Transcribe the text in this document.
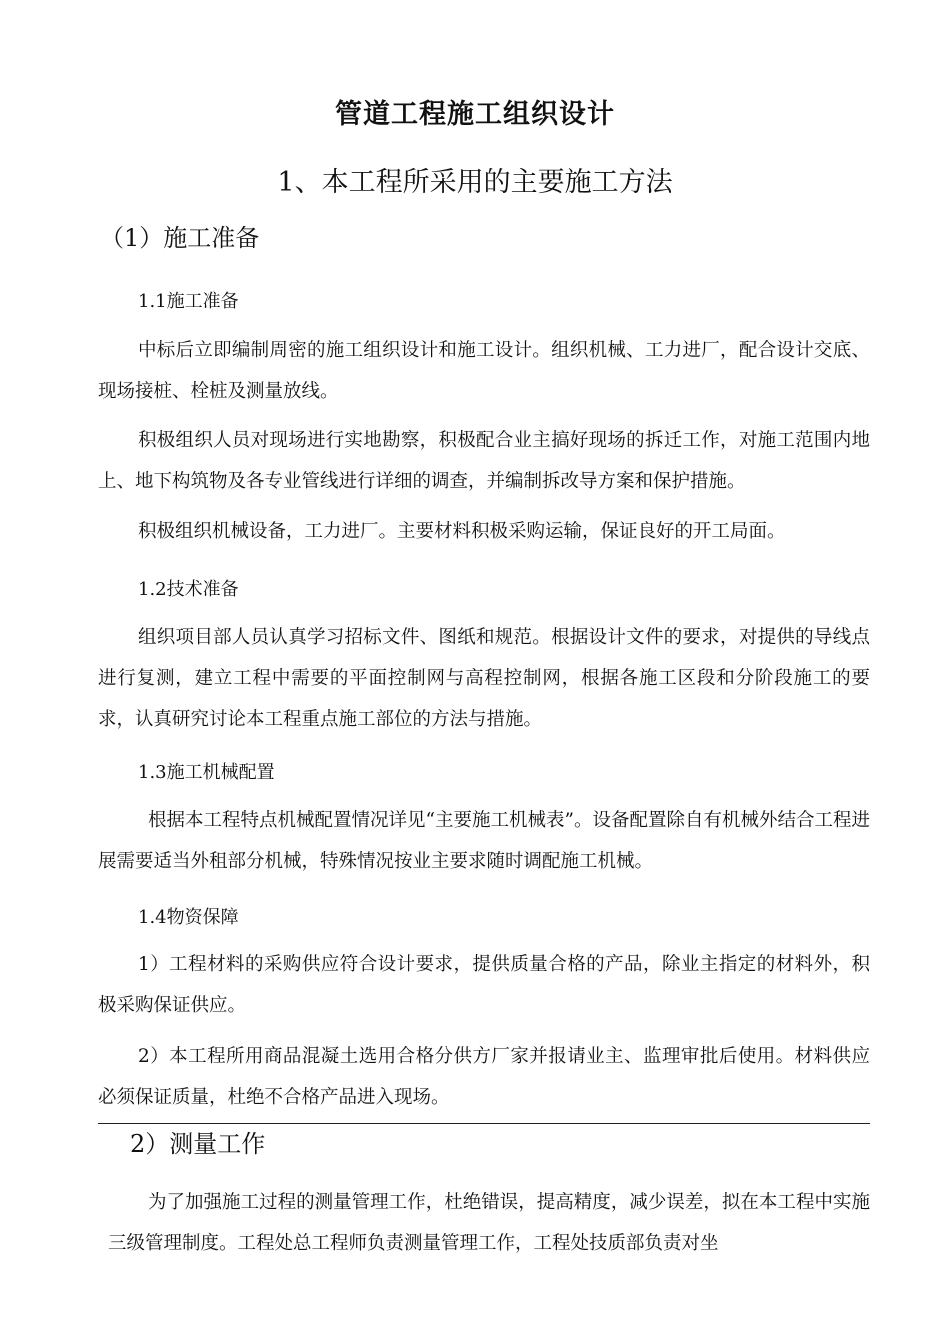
管道工程施工组织设计
1、本工程所采用的主要施工方法
（1）施工准备
1.1施工准备

中标后立即编制周密的施工组织设计和施工设计。组织机械、工力进厂，配合设计交底、现场接桩、栓桩及测量放线。

积极组织人员对现场进行实地勘察，积极配合业主搞好现场的拆迁工作，对施工范围内地上、地下构筑物及各专业管线进行详细的调查，并编制拆改导方案和保护措施。

积极组织机械设备，工力进厂。主要材料积极采购运输，保证良好的开工局面。

1.2技术准备

组织项目部人员认真学习招标文件、图纸和规范。根据设计文件的要求，对提供的导线点进行复测，建立工程中需要的平面控制网与高程控制网，根据各施工区段和分阶段施工的要求，认真研究讨论本工程重点施工部位的方法与措施。

1.3施工机械配置

根据本工程特点机械配置情况详见“主要施工机械表”。设备配置除自有机械外结合工程进展需要适当外租部分机械，特殊情况按业主要求随时调配施工机械。

1.4物资保障

1）工程材料的采购供应符合设计要求，提供质量合格的产品，除业主指定的材料外，积极采购保证供应。

2）本工程所用商品混凝土选用合格分供方厂家并报请业主、监理审批后使用。材料供应必须保证质量，杜绝不合格产品进入现场。

2）测量工作

为了加强施工过程的测量管理工作，杜绝错误，提高精度，减少误差，拟在本工程中实施三级管理制度。工程处总工程师负责测量管理工作，工程处技质部负责对坐
